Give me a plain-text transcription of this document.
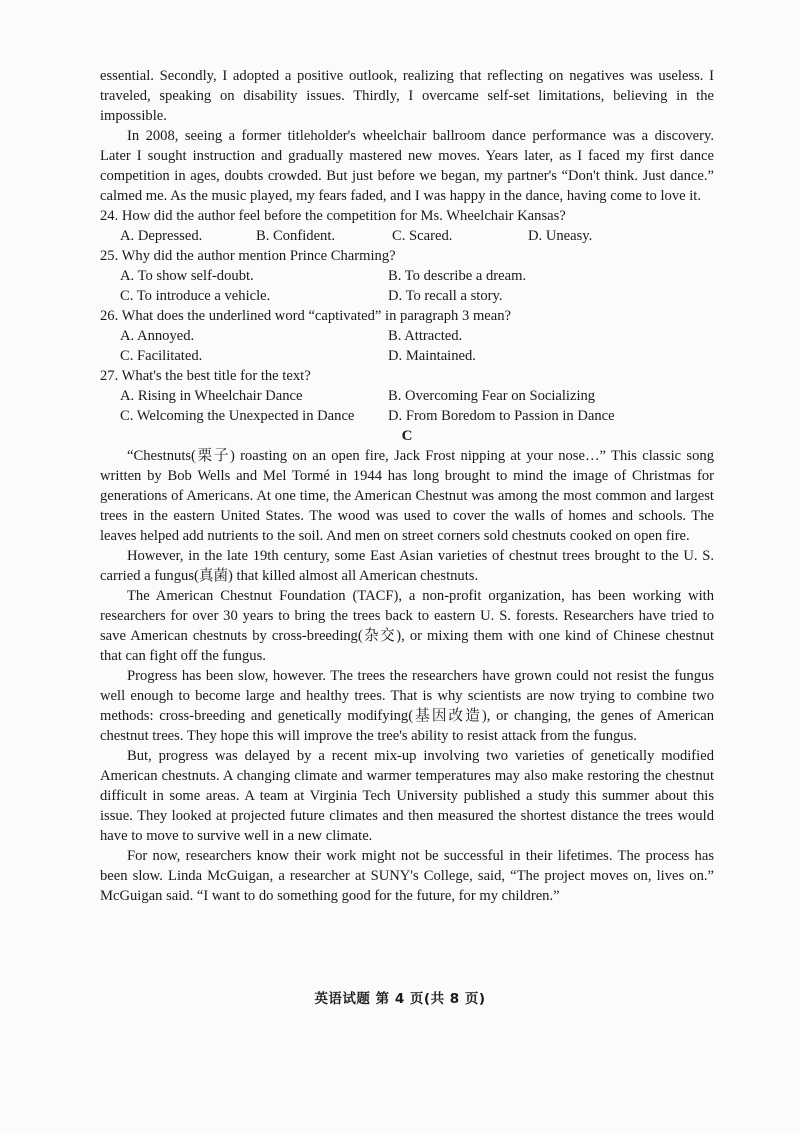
essential. Secondly, I adopted a positive outlook, realizing that reflecting on negatives was useless. I traveled, speaking on disability issues. Thirdly, I overcame self-set limitations, believing in the impossible.

In 2008, seeing a former titleholder's wheelchair ballroom dance performance was a discovery. Later I sought instruction and gradually mastered new moves. Years later, as I faced my first dance competition in ages, doubts crowded. But just before we began, my partner's “Don't think. Just dance.” calmed me. As the music played, my fears faded, and I was happy in the dance, having come to love it.

24. How did the author feel before the competition for Ms. Wheelchair Kansas?
A. Depressed.	B. Confident.	C. Scared.	D. Uneasy.
25. Why did the author mention Prince Charming?
A. To show self-doubt.	B. To describe a dream.
C. To introduce a vehicle.	D. To recall a story.
26. What does the underlined word “captivated” in paragraph 3 mean?
A. Annoyed.	B. Attracted.
C. Facilitated.	D. Maintained.
27. What's the best title for the text?
A. Rising in Wheelchair Dance	B. Overcoming Fear on Socializing
C. Welcoming the Unexpected in Dance	D. From Boredom to Passion in Dance
C

“Chestnuts(栗子) roasting on an open fire, Jack Frost nipping at your nose…” This classic song written by Bob Wells and Mel Tormé in 1944 has long brought to mind the image of Christmas for generations of Americans. At one time, the American Chestnut was among the most common and largest trees in the eastern United States. The wood was used to cover the walls of homes and schools. The leaves helped add nutrients to the soil. And men on street corners sold chestnuts cooked on open fire.

However, in the late 19th century, some East Asian varieties of chestnut trees brought to the U. S. carried a fungus(真菌) that killed almost all American chestnuts.

The American Chestnut Foundation (TACF), a non-profit organization, has been working with researchers for over 30 years to bring the trees back to eastern U. S. forests. Researchers have tried to save American chestnuts by cross-breeding(杂交), or mixing them with one kind of Chinese chestnut that can fight off the fungus.

Progress has been slow, however. The trees the researchers have grown could not resist the fungus well enough to become large and healthy trees. That is why scientists are now trying to combine two methods: cross-breeding and genetically modifying(基因改造), or changing, the genes of American chestnut trees. They hope this will improve the tree's ability to resist attack from the fungus.

But, progress was delayed by a recent mix-up involving two varieties of genetically modified American chestnuts. A changing climate and warmer temperatures may also make restoring the chestnut difficult in some areas. A team at Virginia Tech University published a study this summer about this issue. They looked at projected future climates and then measured the shortest distance the trees would have to move to survive well in a new climate.

For now, researchers know their work might not be successful in their lifetimes. The process has been slow. Linda McGuigan, a researcher at SUNY's College, said, “The project moves on, lives on.” McGuigan said. “I want to do something good for the future, for my children.”

英语试题 第 4 页(共 8 页)
